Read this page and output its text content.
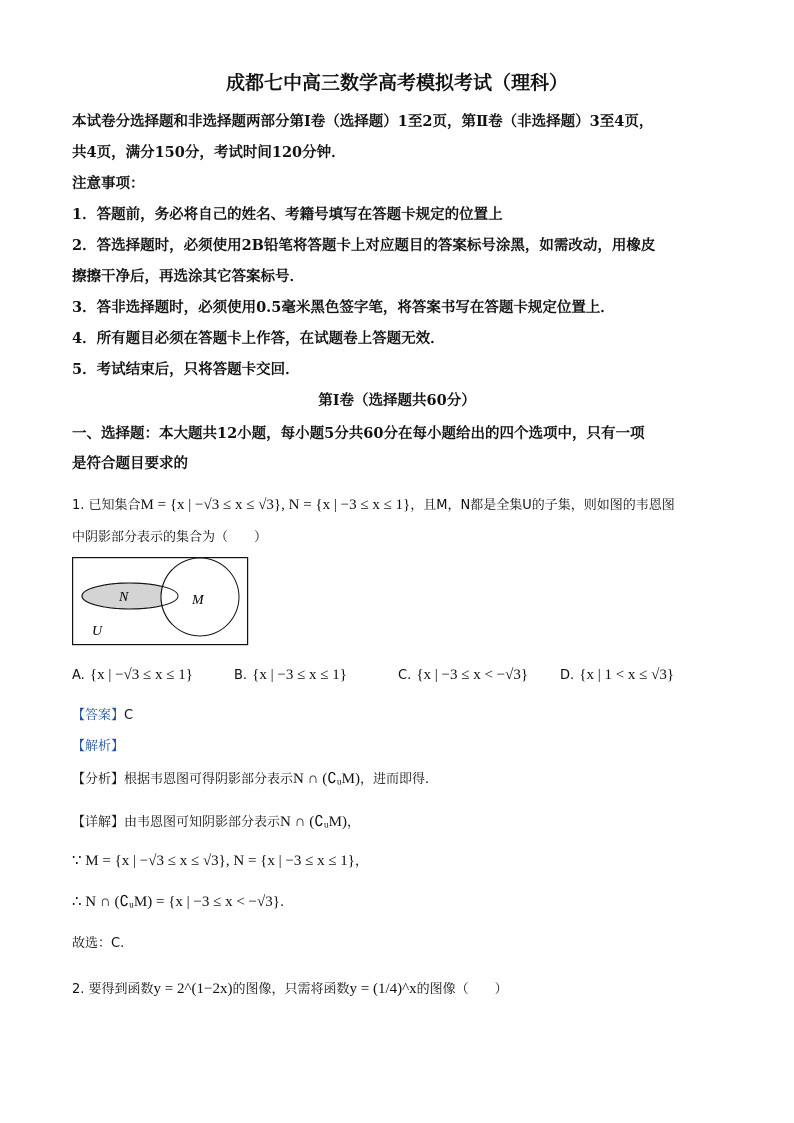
成都七中高三数学高考模拟考试（理科）
本试卷分选择题和非选择题两部分第Ⅰ卷（选择题）1至2页，第Ⅱ卷（非选择题）3至4页，
共4页，满分150分，考试时间120分钟．
注意事项：
1．答题前，务必将自己的姓名、考籍号填写在答题卡规定的位置上
2．答选择题时，必须使用2B铅笔将答题卡上对应题目的答案标号涂黑，如需改动，用橡皮
擦擦干净后，再选涂其它答案标号．
3．答非选择题时，必须使用0.5毫米黑色签字笔，将答案书写在答题卡规定位置上．
4．所有题目必须在答题卡上作答，在试题卷上答题无效．
5．考试结束后，只将答题卡交回．
第Ⅰ卷（选择题共60分）
一、选择题：本大题共12小题，每小题5分共60分在每小题给出的四个选项中，只有一项
是符合题目要求的
1. 已知集合M = {x | −√3 ≤ x ≤ √3}, N = {x | −3 ≤ x ≤ 1}，且M，N都是全集U的子集，则如图的韦恩图
中阴影部分表示的集合为（　　）
N	M
U
A. {x | −√3 ≤ x ≤ 1}	B. {x | −3 ≤ x ≤ 1}	C. {x | −3 ≤ x < −√3} D. {x | 1 < x ≤ √3}
【答案】C
【解析】
【分析】根据韦恩图可得阴影部分表示N ∩ (∁ᵤM)，进而即得.
【详解】由韦恩图可知阴影部分表示N ∩ (∁ᵤM)，
∵ M = {x | −√3 ≤ x ≤ √3}, N = {x | −3 ≤ x ≤ 1}，
∴ N ∩ (∁ᵤM) = {x | −3 ≤ x < −√3}.
故选：C.
2. 要得到函数y = 2^(1−2x)的图像，只需将函数y = (1/4)^x的图像（　　）
